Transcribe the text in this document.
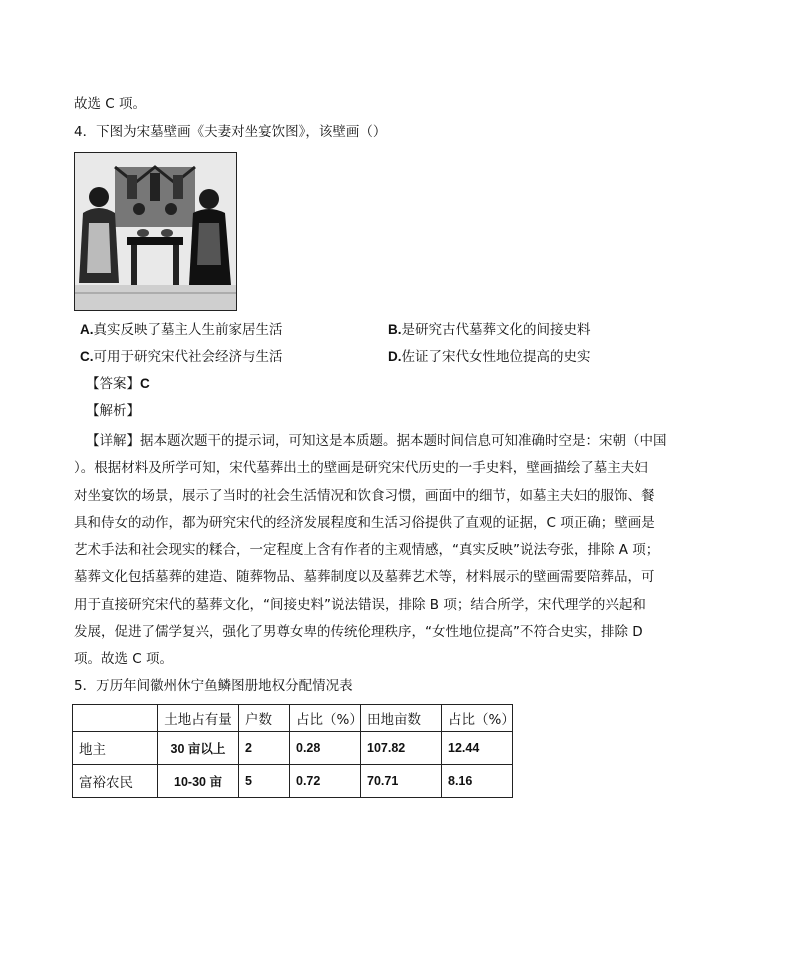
故选 C 项。
4．下图为宋墓壁画《夫妻对坐宴饮图》，该壁画（）
A.真实反映了墓主人生前家居生活	B.是研究古代墓葬文化的间接史料
C.可用于研究宋代社会经济与生活	D.佐证了宋代女性地位提高的史实
【答案】C
【解析】
【详解】据本题次题干的提示词，可知这是本质题。据本题时间信息可知准确时空是：宋朝（中国
）。根据材料及所学可知，宋代墓葬出土的壁画是研究宋代历史的一手史料，壁画描绘了墓主夫妇
对坐宴饮的场景，展示了当时的社会生活情况和饮食习惯，画面中的细节，如墓主夫妇的服饰、餐
具和侍女的动作，都为研究宋代的经济发展程度和生活习俗提供了直观的证据，C 项正确；壁画是
艺术手法和社会现实的糅合，一定程度上含有作者的主观情感，“真实反映”说法夸张，排除 A 项；
墓葬文化包括墓葬的建造、随葬物品、墓葬制度以及墓葬艺术等，材料展示的壁画需要陪葬品，可
用于直接研究宋代的墓葬文化，“间接史料”说法错误，排除 B 项；结合所学，宋代理学的兴起和
发展，促进了儒学复兴，强化了男尊女卑的传统伦理秩序，“女性地位提高”不符合史实，排除 D
项。故选 C 项。
5．万历年间徽州休宁鱼鳞图册地权分配情况表
	土地占有量	户数	占比（%）	田地亩数	占比（%）
地主	30 亩以上	2	0.28	107.82	12.44
富裕农民	10-30 亩	5	0.72	70.71	8.16
